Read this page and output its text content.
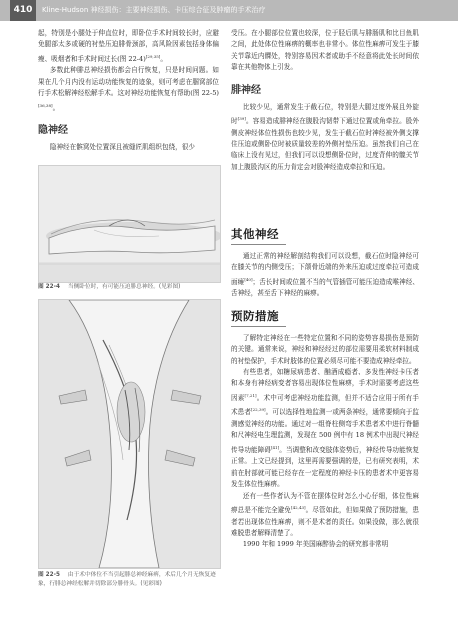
410	Kline-Hudson 神经损伤：主要神经损伤、卡压综合征及肿瘤的手术治疗

起，特别是小腿处于伸直位时，即卧位手术时间较长时，应避免腿部太多或硬的衬垫压迫腓骨颈部，高风险因素包括身体偏瘦、吸烟者和手术时间过长(图 22-4)[29,35]。

多数此种腓总神经损伤都会自行恢复，只是时间问题。如果在几个月内没有运动功能恢复的迹象，则可考虑在腘窝部位行手术松解神经松解手术。这对神经功能恢复有帮助(图 22-5)[36,38]。

隐神经

隐神经在髌窝处位置深且被缝匠肌组织包绕，很少

受压。在小腿部位位置也较深，位于胫后肌与腓肠肌和比目鱼肌之间，此处体位性麻痹的概率也非常小。体位性麻痹可发生于膝关节靠近内髁处，特别容易因术者或助手不经意将此处长时间依靠在其他物体上引发。

腓神经

比较少见，通常发生于截石位，特别是大腿过度外展且外旋时[39]。容易造成腓神经在腹股沟韧带下通过位置或角牵拉。股外侧皮神经体位性损伤也较少见，发生于截石位时神经被外侧支撑住压迫或侧卧位时被质量较差的外侧衬垫压迫。虽然我们自己在临床上没有见过，但我们可以设想侧卧位时，过度背伸的髋关节加上腹股沟区的压力肯定会对股神经造成牵拉和压迫。

其他神经

通过正常的神经解剖结构我们可以设想，截石位时隐神经可在膝关节的内侧受压；下颌骨近端的外来压迫或过度牵拉可造成面瘫[40]；舌长时间或位置不当的气管插管可能压迫造成喉神经、舌神经，甚至舌下神经的麻痹。

预防措施

了解特定神经在一些特定位置和不同的姿势容易损伤是预防的关键。通常来说，神经和神经经过的部位需要用柔软材料制成的衬垫保护，手术时肢体的位置必须尽可能不要造成神经牵拉。

有些患者，如糖尿病患者、酗酒成瘾者、多发性神经卡压者和本身有神经病变者容易出现体位性麻痹，手术时需要考虑这些因素[7,21]。术中可考虑神经功能监测，但并不适合应用于所有手术患者[22,39]。可以选择性地监测一或两条神经，通常要倾向于监测感觉神经的功能。通过对一组脊柱侧弯手术患者术中进行脊髓和尺神经电生理监测，发现在 500 例中有 18 例术中出现尺神经传导功能障碍[41]。当调整和改变肢体姿势后，神经传导功能恢复正常。上文已经提到，这里再需要强调的是，已有研究表明，术前在肘部就可能已经存在一定程度的神经卡压的患者术中更容易发生体位性麻痹。

还有一些作者认为不管在摆体位时怎么小心仔细，体位性麻痹总是不能完全避免[42,43]。尽管如此，但如果做了预防措施，患者若出现体位性麻痹，则不是术者的责任。如果没做，那么就很难脱患者解释清楚了。

1990 年和 1999 年美国麻醉协会的研究都非常明

图 22-4 当侧卧位时，有可能压迫腓总神经。(见彩图)
图 22-5 由于术中体位不当引起腓总神经麻痹，术后几个月无恢复迹象，行腓总神经松解并切除部分腓骨头。(见彩图)
